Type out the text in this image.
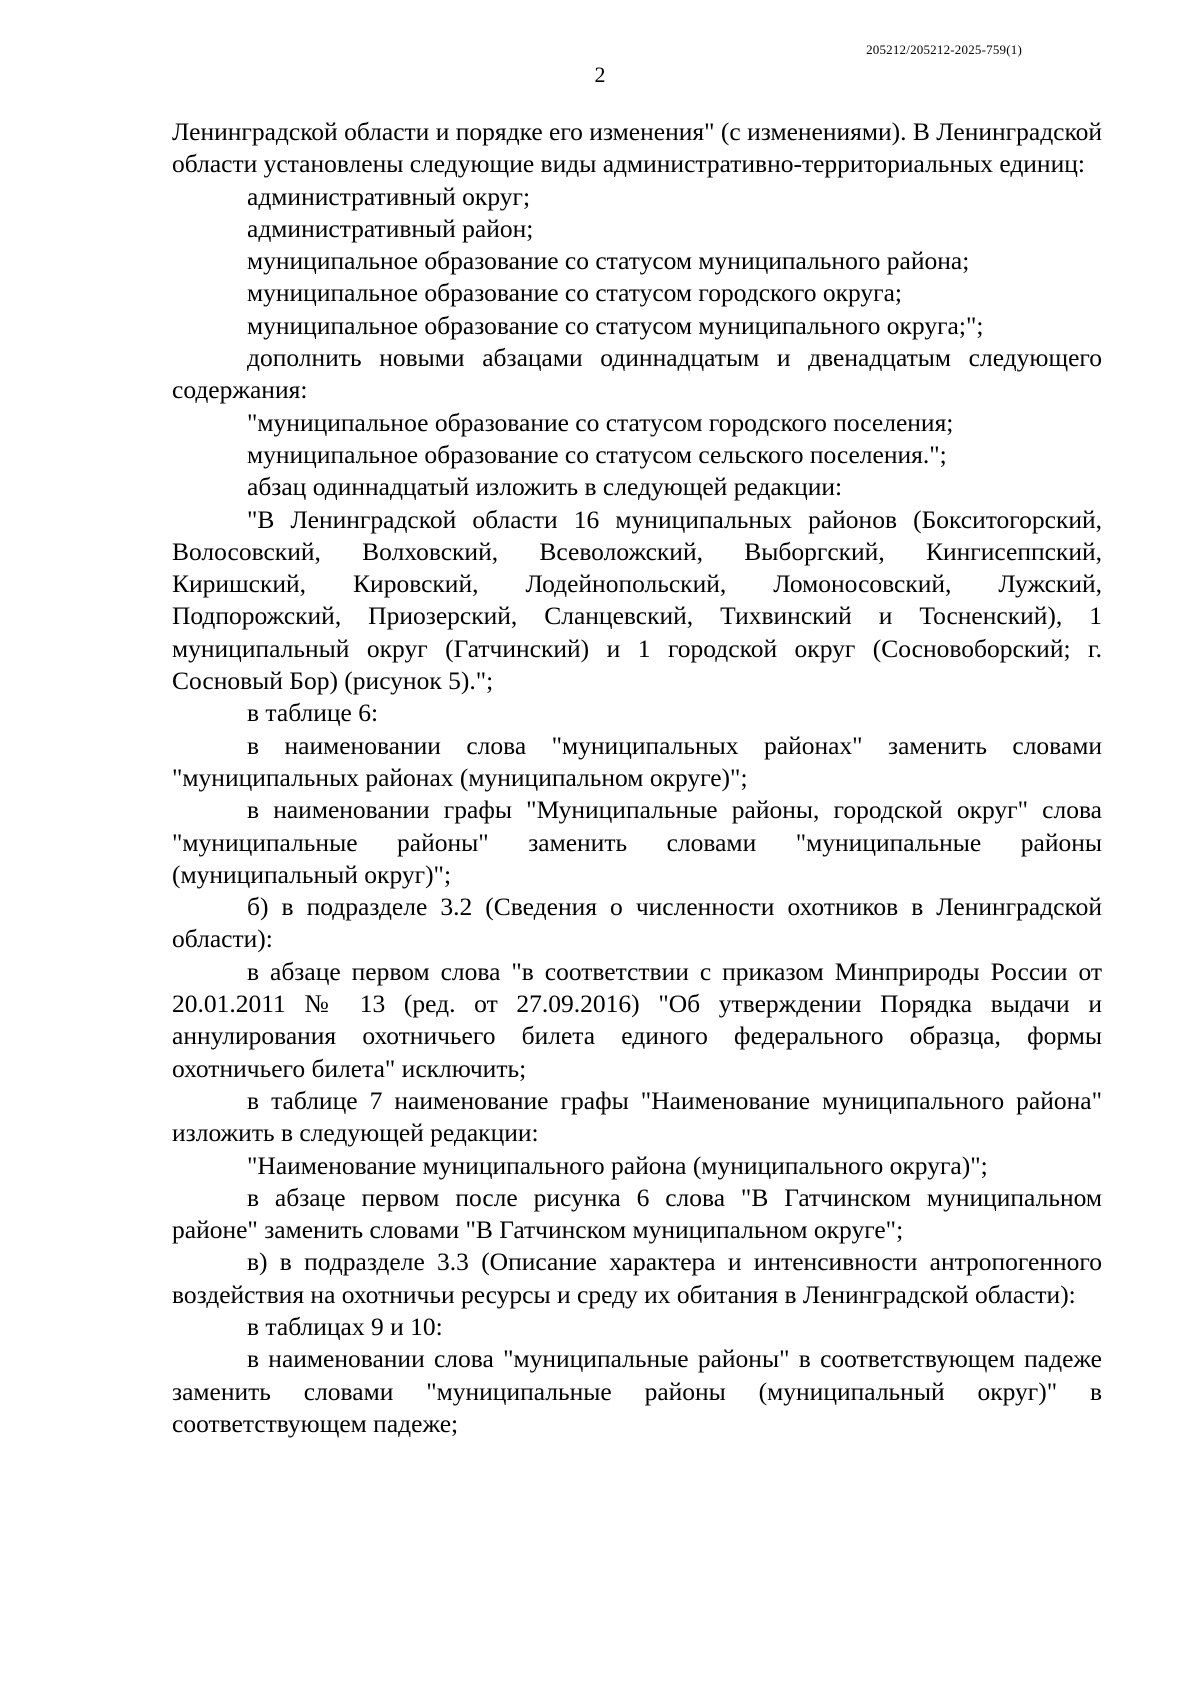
205212/205212-2025-759(1)
2

Ленинградской области и порядке его изменения" (с изменениями). В Ленинградской области установлены следующие виды административно-территориальных единиц:

административный округ;

административный район;

муниципальное образование со статусом муниципального района;

муниципальное образование со статусом городского округа;

муниципальное образование со статусом муниципального округа;";

дополнить новыми абзацами одиннадцатым и двенадцатым следующего содержания:

"муниципальное образование со статусом городского поселения;

муниципальное образование со статусом сельского поселения.";

абзац одиннадцатый изложить в следующей редакции:

"В Ленинградской области 16 муниципальных районов (Бокситогорский, Волосовский, Волховский, Всеволожский, Выборгский, Кингисеппский, Киришский, Кировский, Лодейнопольский, Ломоносовский, Лужский, Подпорожский, Приозерский, Сланцевский, Тихвинский и Тосненский), 1 муниципальный округ (Гатчинский) и 1 городской округ (Сосновоборский; г. Сосновый Бор) (рисунок 5).";

в таблице 6:

в наименовании слова "муниципальных районах" заменить словами "муниципальных районах (муниципальном округе)";

в наименовании графы "Муниципальные районы, городской округ" слова "муниципальные районы" заменить словами "муниципальные районы (муниципальный округ)";

б) в подразделе 3.2 (Сведения о численности охотников в Ленинградской области):

в абзаце первом слова "в соответствии с приказом Минприроды России от 20.01.2011 № 13 (ред. от 27.09.2016) "Об утверждении Порядка выдачи и аннулирования охотничьего билета единого федерального образца, формы охотничьего билета" исключить;

в таблице 7 наименование графы "Наименование муниципального района" изложить в следующей редакции:

"Наименование муниципального района (муниципального округа)";

в абзаце первом после рисунка 6 слова "В Гатчинском муниципальном районе" заменить словами "В Гатчинском муниципальном округе";

в) в подразделе 3.3 (Описание характера и интенсивности антропогенного воздействия на охотничьи ресурсы и среду их обитания в Ленинградской области):

в таблицах 9 и 10:

в наименовании слова "муниципальные районы" в соответствующем падеже заменить словами "муниципальные районы (муниципальный округ)" в соответствующем падеже;
